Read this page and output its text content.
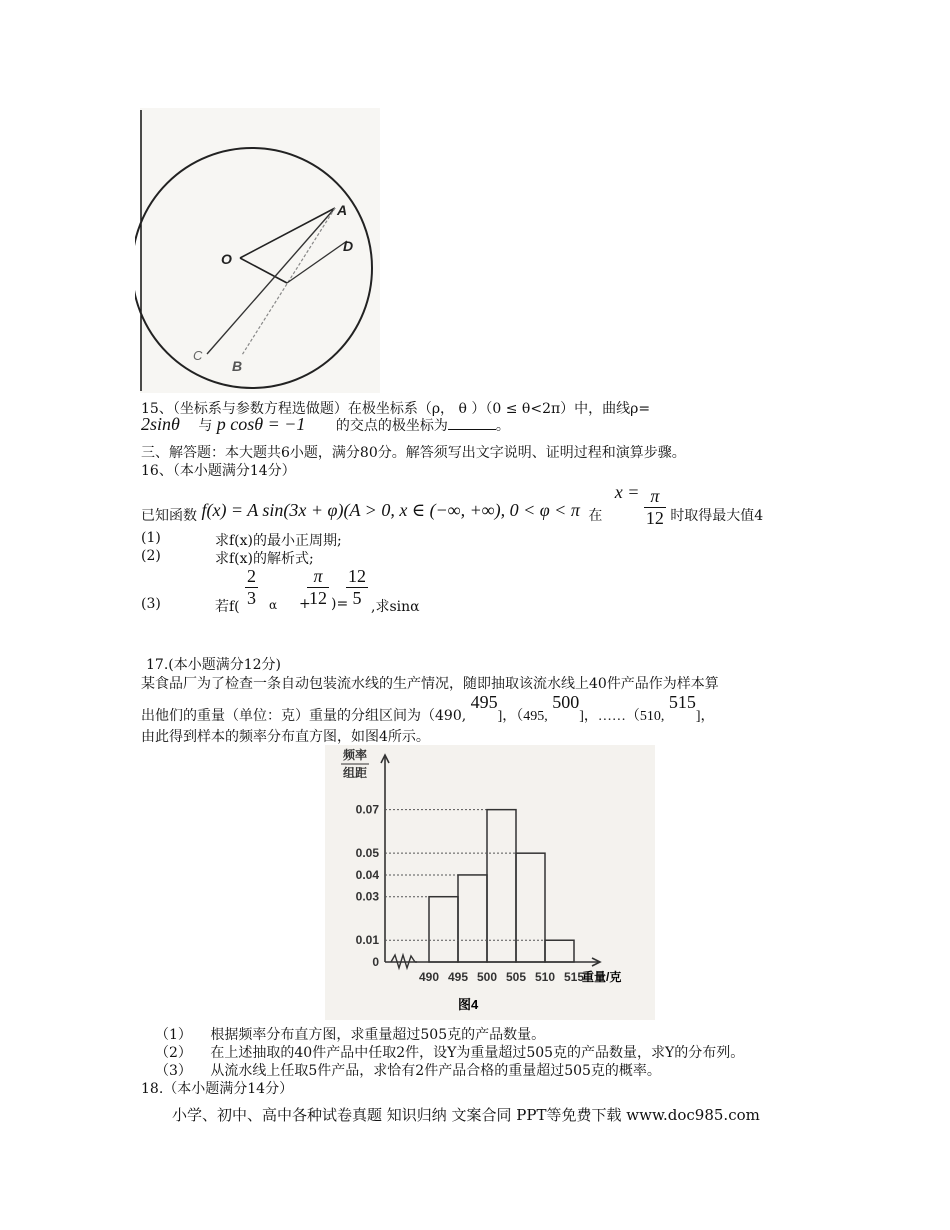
A
D
O
B
C
15、（坐标系与参数方程选做题）在极坐标系（ρ， θ ）（0 ≤ θ<2π）中，曲线ρ=
2sinθ 与 p cosθ = −1 的交点的极坐标为	。
三、解答题：本大题共6小题，满分80分。解答须写出文字说明、证明过程和演算步骤。
16、（本小题满分14分）
已知函数 f(x) = A sin(3x + φ)(A > 0, x ∈ (−∞, +∞), 0 < φ < π 在 $x = \frac{\pi}{12}$ 时取得最大值4
(1)	求f(x)的最小正周期;
(2)	求f(x)的解析式;
(3)	若$f( \frac{2}{3}$ α +
$\frac{\pi}{12}$ )=
$\frac{12}{5}$ ,求sinα
17.(本小题满分12分)
某食品厂为了检查一条自动包装流水线的生产情况，随即抽取该流水线上40件产品作为样本算
出他们的重量（单位：克）重量的分组区间为（490, 495]，（495, 500]，……（510, 515]，
由此得到样本的频率分布直方图，如图4所示。
0
0.01
0.03
0.04
0.05
0.07
490 495 500 505 510 515
频率
组距
重量/克
图4
（1） 根据频率分布直方图，求重量超过505克的产品数量。
（2） 在上述抽取的40件产品中任取2件，设Y为重量超过505克的产品数量，求Y的分布列。
（3） 从流水线上任取5件产品，求恰有2件产品合格的重量超过505克的概率。
18.（本小题满分14分）
小学、初中、高中各种试卷真题 知识归纳 文案合同 PPT等免费下载 www.doc985.com
